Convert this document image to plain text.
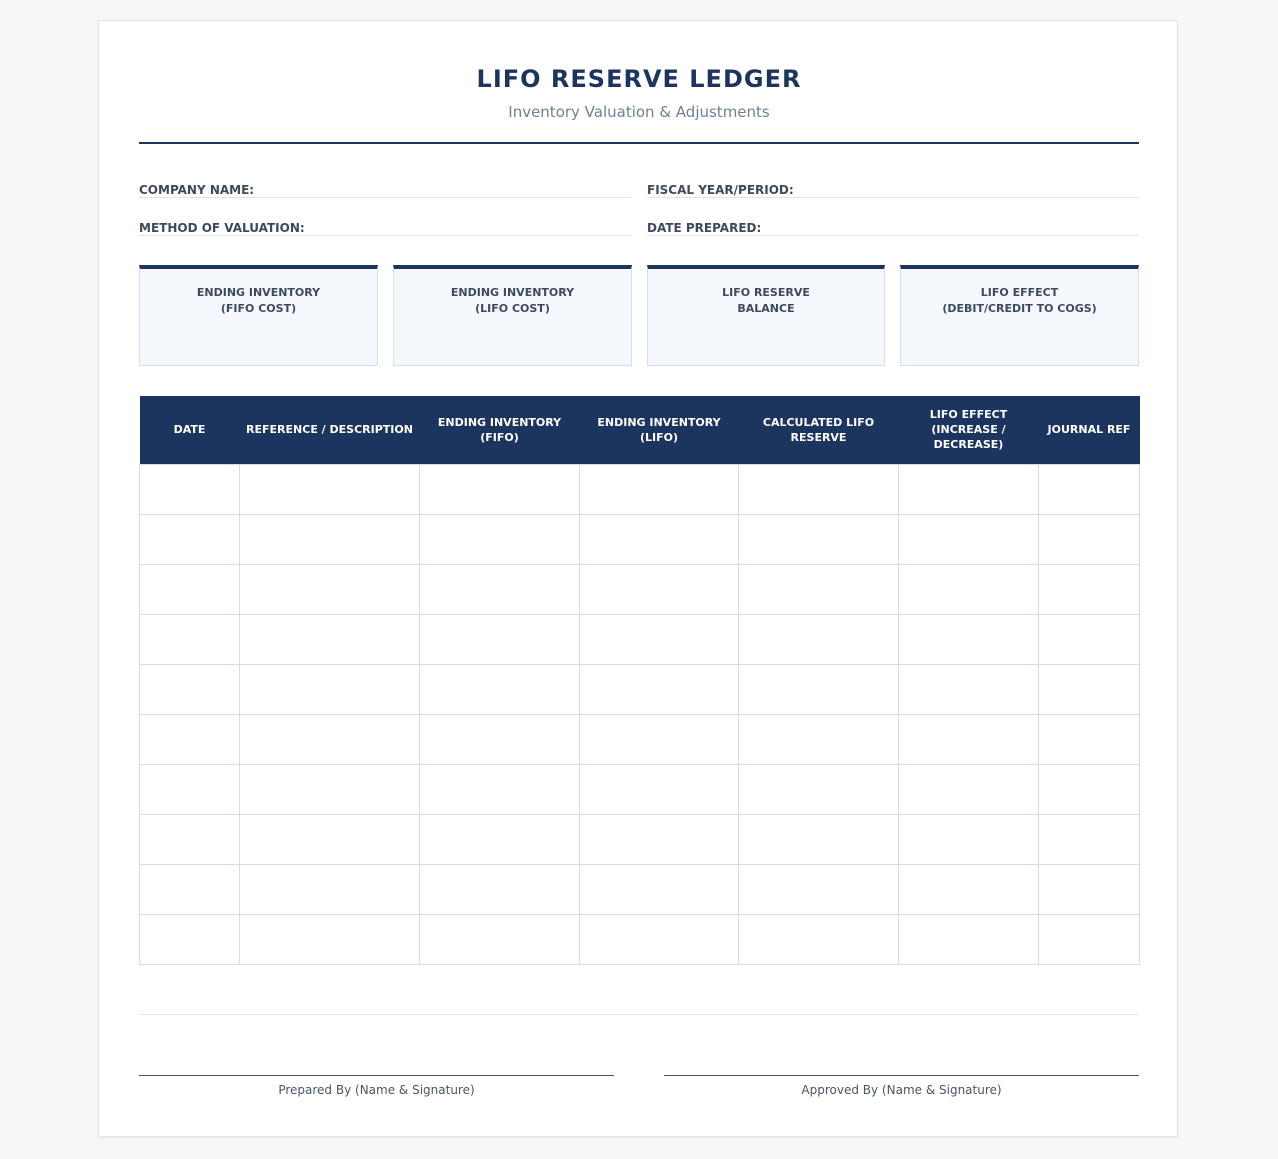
LIFO RESERVE LEDGER
Inventory Valuation & Adjustments
COMPANY NAME:	FISCAL YEAR/PERIOD:
METHOD OF VALUATION:	DATE PREPARED:
ENDING INVENTORY
(FIFO COST)
ENDING INVENTORY
(LIFO COST)
LIFO RESERVE
BALANCE
LIFO EFFECT
(DEBIT/CREDIT TO COGS)
DATE	REFERENCE / DESCRIPTION	ENDING INVENTORY (FIFO)	ENDING INVENTORY (LIFO)	CALCULATED LIFO RESERVE	LIFO EFFECT (INCREASE / DECREASE)	JOURNAL REF

Prepared By (Name & Signature)	Approved By (Name & Signature)
